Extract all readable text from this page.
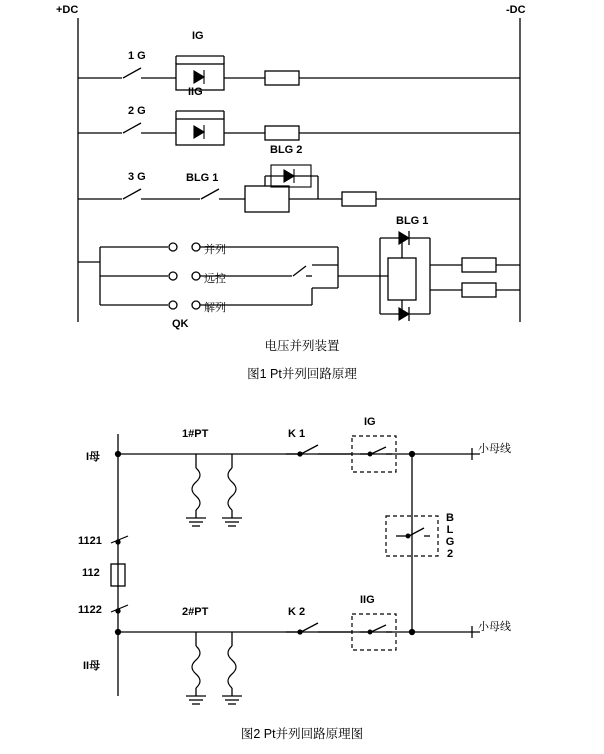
+DC	-DC
1 G
IG
2 G
IIG
3 G	BLG 1
BLG 2
并列
远控
解列
QK
BLG 1
电压并列装置
图1 Pt并列回路原理
I母
II母
1#PT
2#PT
K 1
K 2
IG
IIG
BLG2
小母线
小母线
1121
112
1122
图2 Pt并列回路原理图
